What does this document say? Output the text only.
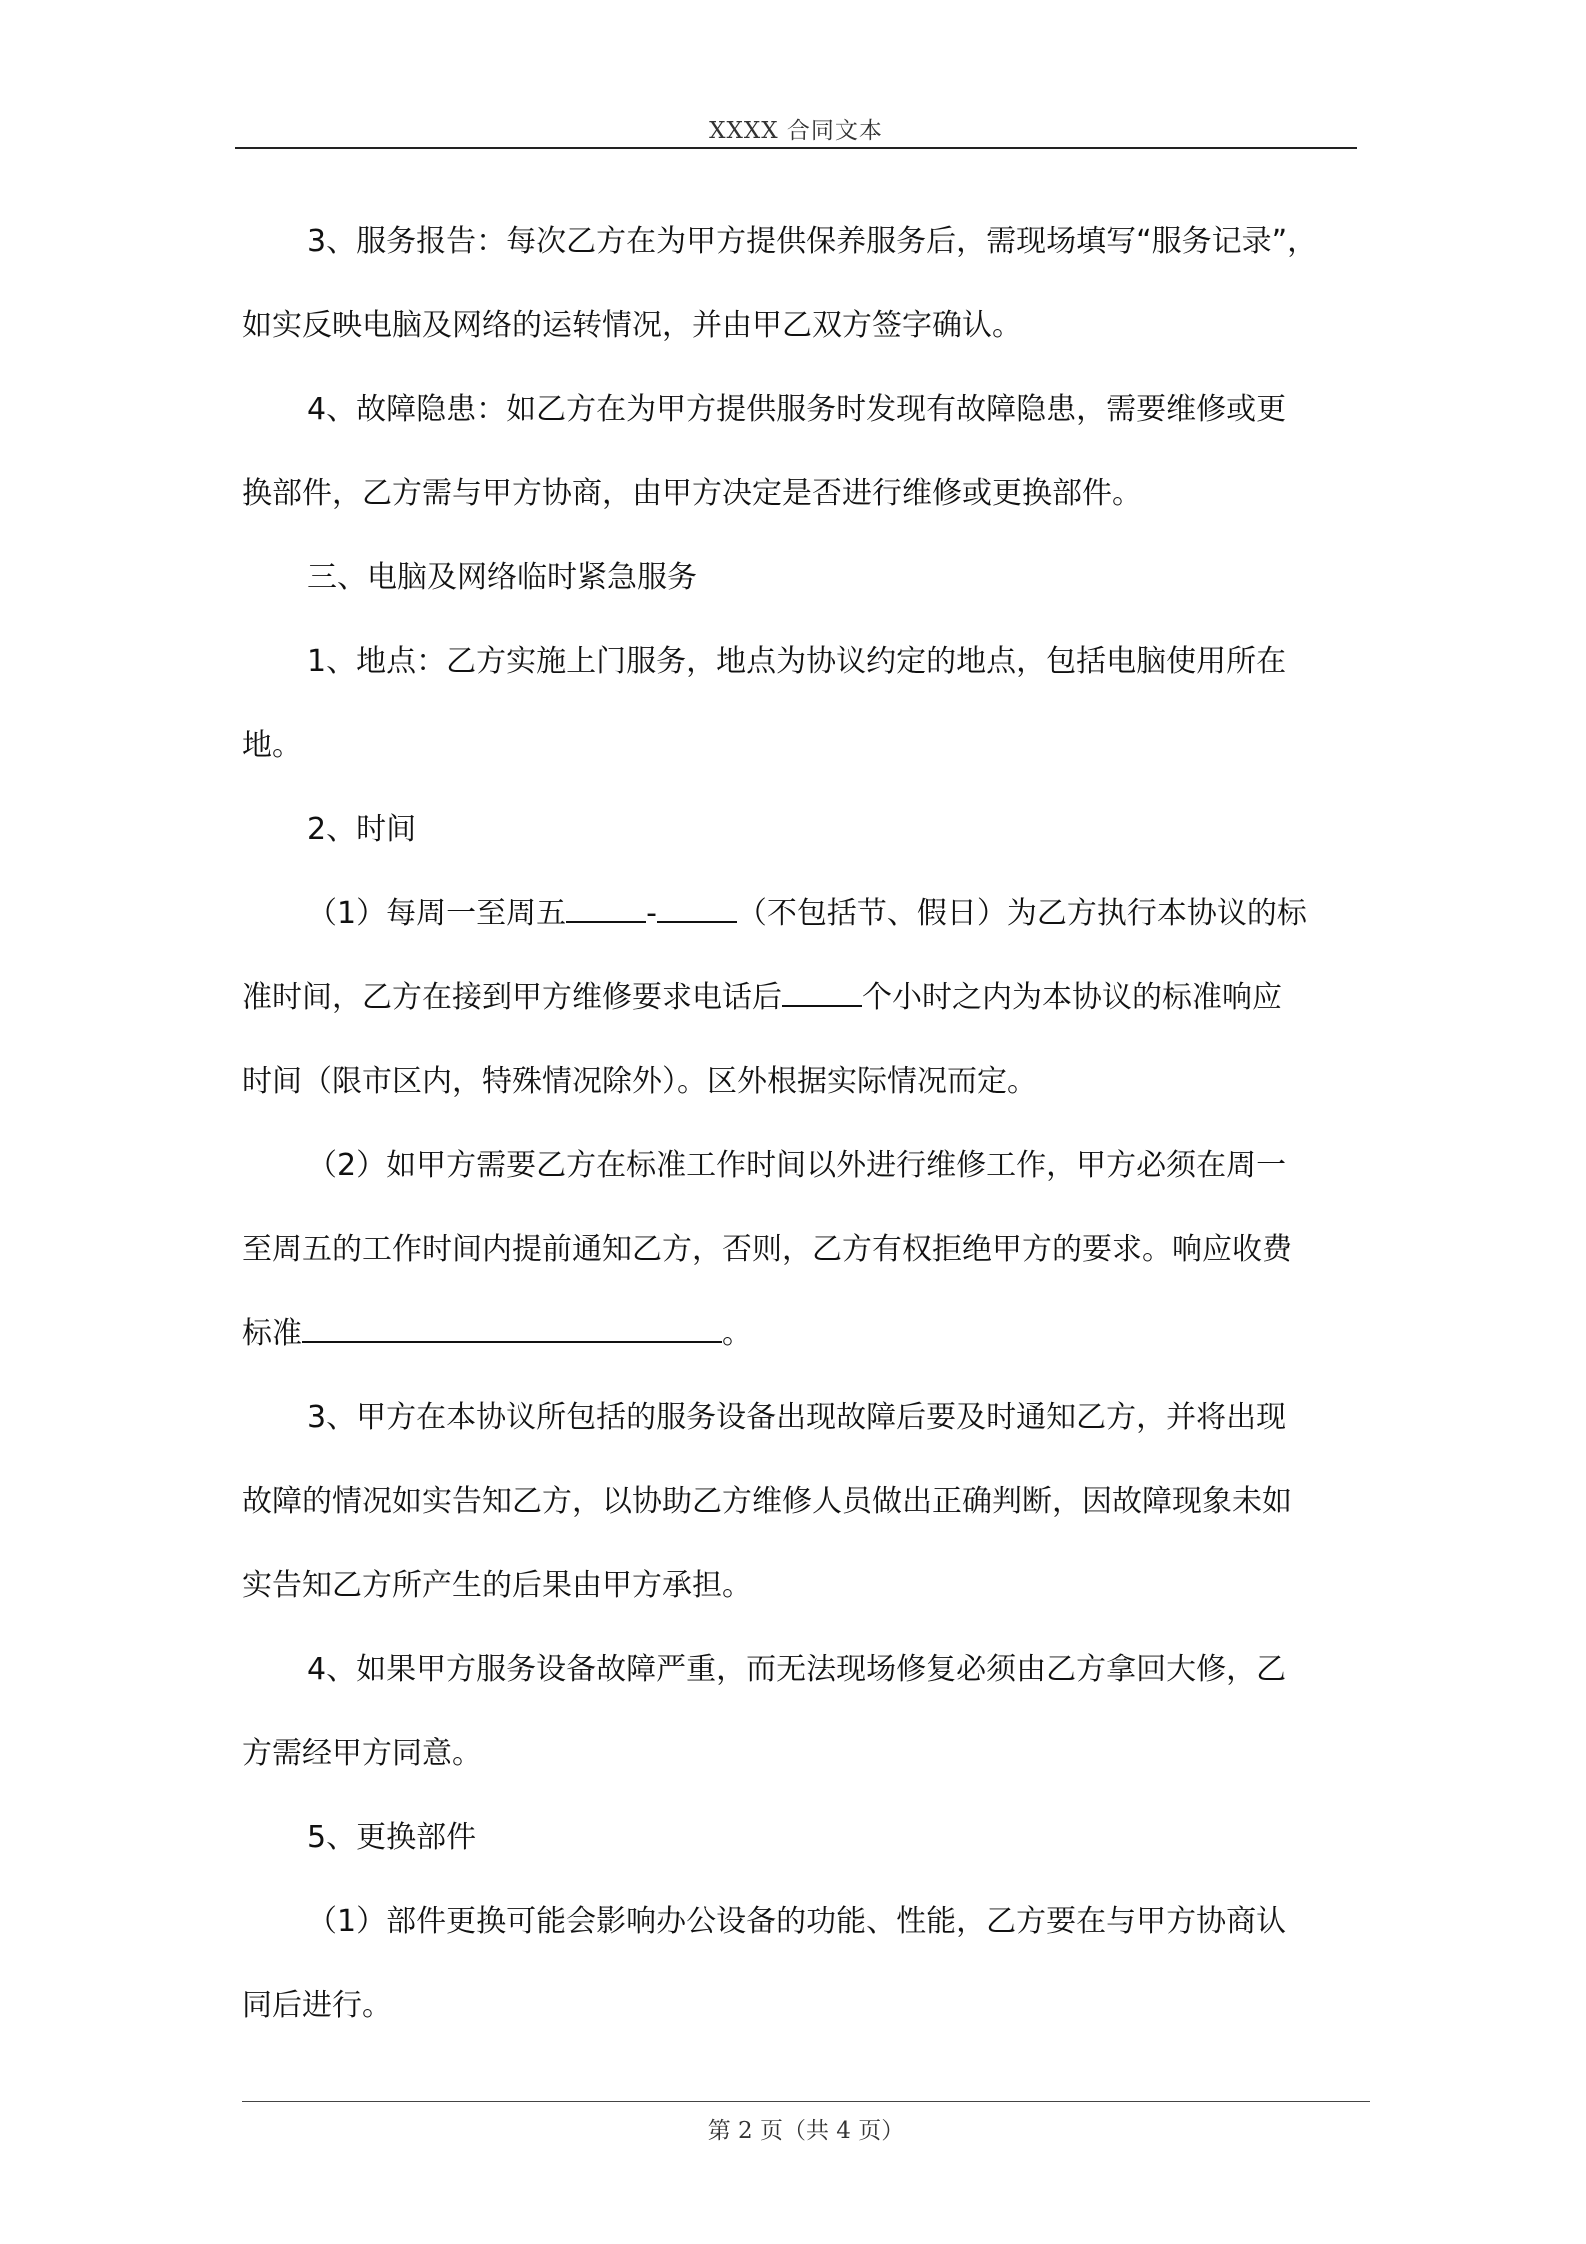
XXXX 合同文本

3、服务报告：每次乙方在为甲方提供保养服务后，需现场填写“服务记录”，

如实反映电脑及网络的运转情况，并由甲乙双方签字确认。

4、故障隐患：如乙方在为甲方提供服务时发现有故障隐患，需要维修或更

换部件，乙方需与甲方协商，由甲方决定是否进行维修或更换部件。

三、电脑及网络临时紧急服务

1、地点：乙方实施上门服务，地点为协议约定的地点，包括电脑使用所在

地。

2、时间

（1）每周一至周五	-	（不包括节、假日）为乙方执行本协议的标

准时间，乙方在接到甲方维修要求电话后	个小时之内为本协议的标准响应

时间（限市区内，特殊情况除外）。区外根据实际情况而定。

（2）如甲方需要乙方在标准工作时间以外进行维修工作，甲方必须在周一

至周五的工作时间内提前通知乙方，否则，乙方有权拒绝甲方的要求。响应收费

标准	。

3、甲方在本协议所包括的服务设备出现故障后要及时通知乙方，并将出现

故障的情况如实告知乙方，以协助乙方维修人员做出正确判断，因故障现象未如

实告知乙方所产生的后果由甲方承担。

4、如果甲方服务设备故障严重，而无法现场修复必须由乙方拿回大修，乙

方需经甲方同意。

5、更换部件

（1）部件更换可能会影响办公设备的功能、性能，乙方要在与甲方协商认

同后进行。

第 2 页（共 4 页）
